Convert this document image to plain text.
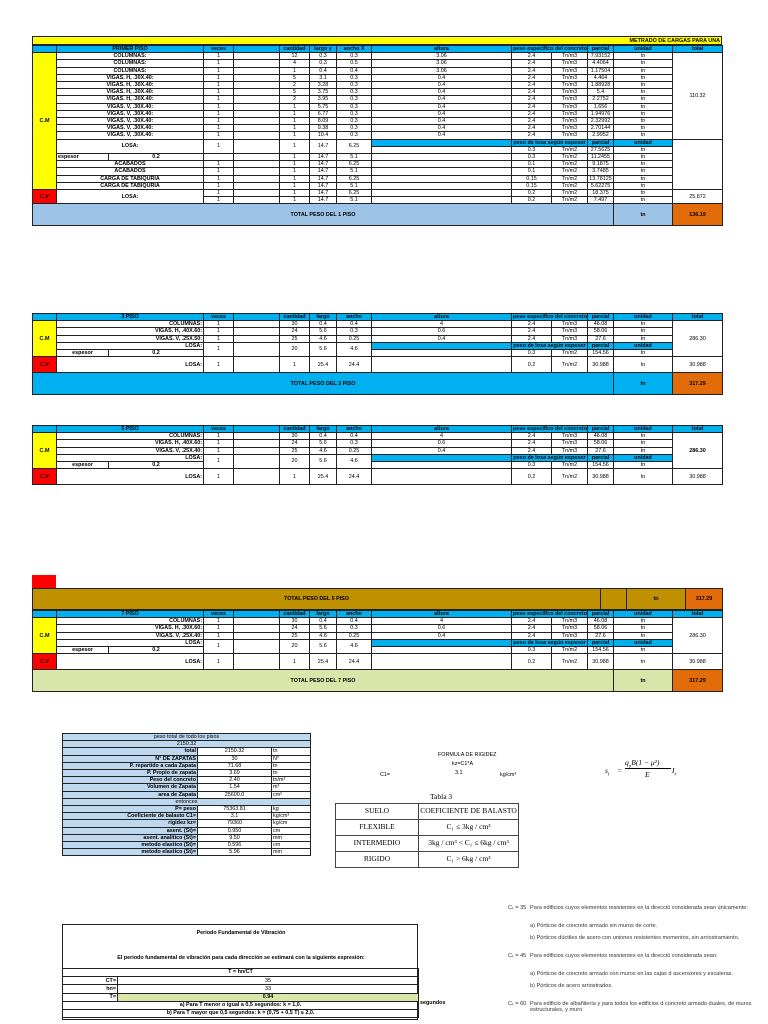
METRADO DE CARGAS PARA UNA
	PRIMER PISO		veces		cantidad	largo y	ancho X	altura	peso especifico del concreto		parcial	unidad	total
C.M	COLUMNAS:		1		12	0.3	0.3	3.06	2.4	Tn/m3	7.93152	tn	110.32
	COLUMNAS:		1		4	0.3	0.5	3.06	2.4	Tn/m3	4.4064	tn	
	COLUMNAS:		1		1	0.4	0.4	3.06	2.4	Tn/m3	1.17504	tn	
	VIGAS. H, .30X.40:		1		5	3.1	0.3	0.4	2.4	Tn/m3	4.464	tn	
	VIGAS. H, .30X.40:		1		2	3.28	0.3	0.4	2.4	Tn/m3	1.88928	tn	
	VIGAS. H, .30X.40:		1		5	3.75	0.3	0.4	2.4	Tn/m3	5.4	tn	
	VIGAS. H, .30X.40:		1		2	3.95	0.3	0.4	2.4	Tn/m3	2.2752	tn	
	VIGAS. V, .30X.40:		1		1	5.75	0.3	0.4	2.4	Tn/m3	1.656	tn	
	VIGAS. V, .30X.40:		1		1	6.77	0.3	0.4	2.4	Tn/m3	1.94976	tn	
	VIGAS. V, .30X.40:		1		1	8.09	0.3	0.4	2.4	Tn/m3	2.32992	tn	
	VIGAS. V, .30X.40:		1		1	9.38	0.3	0.4	2.4	Tn/m3	2.70144	tn	
	VIGAS. V, .30X.40:		1		1	10.4	0.3	0.4	2.4	Tn/m3	2.9952	tn	
	LOSA:		1		1	14.7	6.25		peso de losa según espesor		parcial	unidad	
									0.3	Tn/m2	27.5625	tn	
	espesor	0.2			1	14.7	5.1		0.3	Tn/m2	11.2455	tn	
	ACABADOS		1		1	14.7	6.25		0.1	Tn/m2	9.1875	tn	
	ACABADOS		1		1	14.7	5.1		0.1	Tn/m2	3.7485	tn	
	CARGA DE TABIQURIA		1		1	14.7	6.25		0.15	Tn/m2	13.78125	tn	
	CARGA DE TABIQURIA		1		1	14.7	5.1		0.15	Tn/m2	5.62275	tn	
C.V	LOSA:		1		1	14.7	6.25		0.2	Tn/m2	18.375	tn	25.872
			1		1	14.7	5.1		0.2	Tn/m2	7.497	tn	
TOTAL PESO DEL 1 PISO												tn	136.19
	3 PISO		veces		cantidad	largo	ancho	altura	peso especifico del concreto		parcial	unidad	total
C.M	COLUMNAS:		1		30	0.4	0.4	4	2.4	Tn/m3	46.08	tn	286.30
	VIGAS. H, .40X.60:		1		24	5.6	0.3	0.6	2.4	Tn/m3	58.06	tn	
	VIGAS. V, .25X.50:		1		25	4.6	0.25	0.4	2.4	Tn/m3	27.6	tn	
	LOSA:		1		20	5.6	4.6		peso de losa según espesor		parcial	unidad	
	espesor	0.2							0.3	Tn/m2	154.56	tn	
C.V	LOSA:		1		1	25.4	24.4		0.2	Tn/m2	30.988	tn	30.988
TOTAL PESO DEL 3 PISO												tn	317.29
	5 PISO		veces		cantidad	largo	ancho	altura	peso especifico del concreto		parcial	unidad	total
C.M	COLUMNAS:		1		30	0.4	0.4	4	2.4	Tn/m3	46.08	tn	286.30
	VIGAS. H, .40X.60:		1		24	5.6	0.3	0.6	2.4	Tn/m3	58.06	tn	
	VIGAS. V, .25X.40:		1		25	4.6	0.25	0.4	2.4	Tn/m3	27.6	tn	
	LOSA:		1		20	5.6	4.6		peso de losa según espesor		parcial	unidad	
	espesor	0.2							0.3	Tn/m2	154.56	tn	
C.V	LOSA:		1		1	25.4	24.4		0.2	Tn/m2	30.988	tn	30.988
TOTAL PESO DEL 5 PISO		tn	317.29
	7 PISO		veces		cantidad	largo	ancho	altura	peso especifico del concreto		parcial	unidad	total
C.M	COLUMNAS:		1		30	0.4	0.4	4	2.4	Tn/m3	46.08	tn	286.30
	VIGAS. H, .30X.60:		1		24	5.6	0.3	0.6	2.4	Tn/m3	58.06	tn	
	VIGAS. V, .25X.40:		1		25	4.6	0.25	0.4	2.4	Tn/m3	27.6	tn	
	LOSA:		1		20	5.6	4.6		peso de losa según espesor		parcial	unidad	
	espesor	0.2							0.3	Tn/m2	154.56	tn	
C.V	LOSA:		1		1	25.4	24.4		0.2	Tn/m2	30.988	tn	30.988
TOTAL PESO DEL 7 PISO												tn	317.29
peso total de todo los pisos		
2150.32		
total	2150.32	tn
N° DE ZAPATAS	30	N°
P. repartido a cada Zapata	71.68	tn
P. Propio de zapata	3.69	tn
Peso del concreto	2.40	tn/m³
Volumen de Zapata	1.54	m³
area de Zapata	25600.0	cm²
entonces		
P= peso	75363.81	kg
Coeficiente de balasto C1=	3.1	kg/cm³
rigidez kz=	79360	kg/cm
asent. (St)=	0.950	cm
asent. analitico (St)=	9.50	mm
metodo elastico (St)=	0.596	cm
metodo elastico (St)=	5.96	mm
FORMULA DE RIGIDEZ
kz=C1*A
C1=	3.1	kg/cm³	$s_i$ =
$q_oB(1 - \mu^2)$
E	$I_r$
Tabla 3
SUELO	COEFICIENTE DE BALASTO
FLEXIBLE	C₁ ≤ 3kg / cm³
INTERMEDIO	3kg / cm³ < C₁ ≤ 6kg / cm³
RIGIDO	C₁ > 6kg / cm³
Cₜ = 35 Para edificios cuyos elementos resistentes en la direcció considerada sean únicamente:
a) Pórticos de concreto armado sin muros de corte.
b) Pórticos dúctiles de acero con uniones resistentes momentos, sin arriostramiento.
Cₜ = 45 Para edificios cuyos elementos resistentes en la direcció considerada sean:
a) Pórticos de concreto armado con muros en las cajas d ascensores y escaleras.
b) Pórticos de acero arriostrados.
Cₜ = 60 Para edificio de albañilería y para todos los edificios d concreto armado duales, de muros estructurales, y muro
Periodo Fundamental de Vibración
El periodo fundamental de vibración para cada dirección se estimará con la siguiente expresión:
T = hn/CT	
CT=	35
hn=	33
T=	0.94
a) Para T menor o igual a 0,5 segundos: k = 1,0.	
b) Para T mayor que 0,5 segundos: k = (0,75 + 0,5 T) ≤ 2,0.	
segundos
